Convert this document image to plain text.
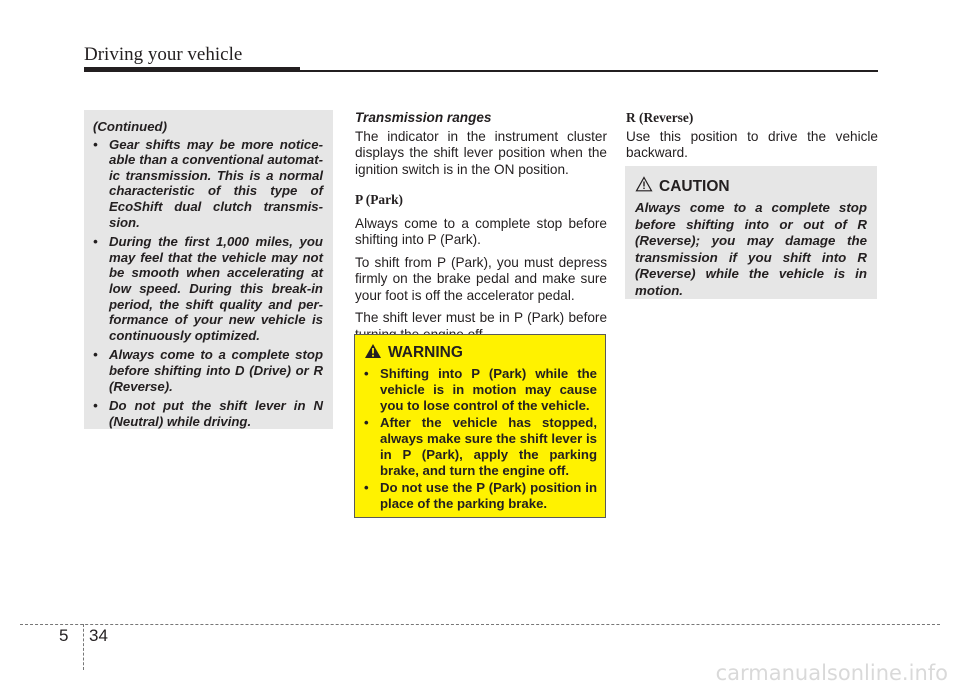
Driving your vehicle
(Continued)
• Gear shifts may be more notice-able than a conventional automat-ic transmission. This is a normal characteristic of this type of EcoShift dual clutch transmis-sion.
• During the first 1,000 miles, you may feel that the vehicle may not be smooth when accelerating at low speed. During this break-in period, the shift quality and per-formance of your new vehicle is continuously optimized.
• Always come to a complete stop before shifting into D (Drive) or R (Reverse).
• Do not put the shift lever in N (Neutral) while driving.
Transmission ranges

The indicator in the instrument cluster displays the shift lever position when the ignition switch is in the ON position.

P (Park)

Always come to a complete stop before shifting into P (Park).

To shift from P (Park), you must depress firmly on the brake pedal and make sure your foot is off the accelerator pedal.

The shift lever must be in P (Park) before

WARNING
• Shifting into P (Park) while the vehicle is in motion may cause you to lose control of the vehicle.
• After the vehicle has stopped, always make sure the shift lever is in P (Park), apply the parking brake, and turn the engine off.
• Do not use the P (Park) position in place of the parking brake.
R (Reverse)

Use this position to drive the vehicle backward.

CAUTION

Always come to a complete stop before shifting into or out of R (Reverse); you may damage the transmission if you shift into R (Reverse) while the vehicle is in motion.

5 34
carmanualsonline.info
